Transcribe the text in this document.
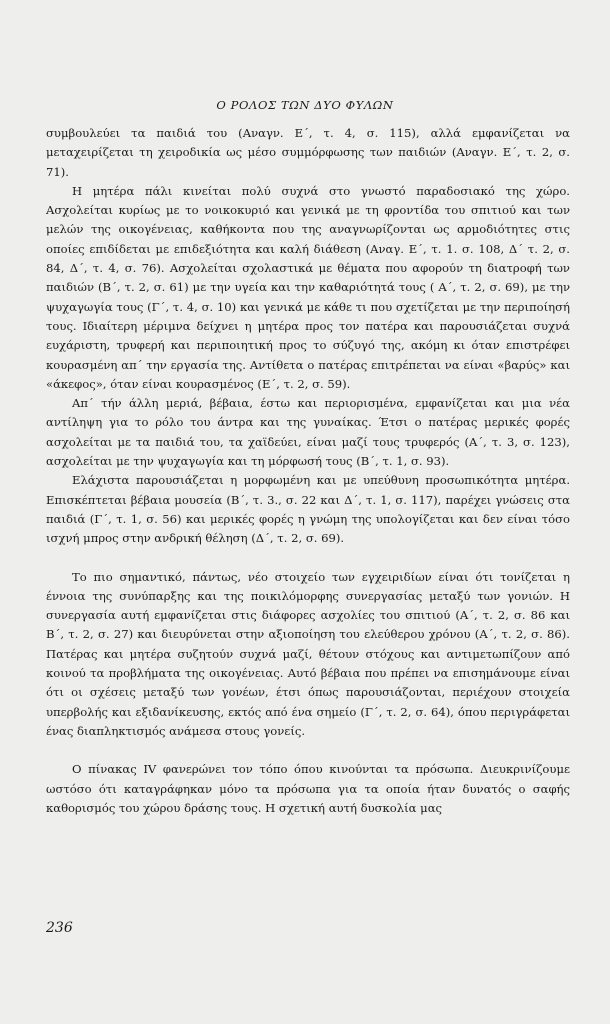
Ο ΡΟΛΟΣ ΤΩΝ ΔΥΟ ΦΥΛΩΝ

συμβουλεύει τα παιδιά του (Αναγν. Ε΄, τ. 4, σ. 115), αλλά εμφανίζεται να μεταχειρίζεται τη χειροδικία ως μέσο συμμόρφωσης των παιδιών (Αναγν. Ε΄, τ. 2, σ. 71).

Η μητέρα πάλι κινείται πολύ συχνά στο γνωστό παραδοσιακό της χώρο. Ασχολείται κυρίως με το νοικοκυριό και γενικά με τη φροντίδα του σπιτιού και των μελών της οικογένειας, καθήκοντα που της αναγνωρίζονται ως αρμοδιότητες στις οποίες επιδίδεται με επιδεξιότητα και καλή διάθεση (Αναγ. Ε΄, τ. 1. σ. 108, Δ΄ τ. 2, σ. 84, Δ΄, τ. 4, σ. 76). Ασχολείται σχολαστικά με θέματα που αφορούν τη διατροφή των παιδιών (Β΄, τ. 2, σ. 61) με την υγεία και την καθαριότητά τους ( Α΄, τ. 2, σ. 69), με την ψυχαγωγία τους (Γ΄, τ. 4, σ. 10) και γενικά με κάθε τι που σχετίζεται με την περιποίησή τους. Ιδιαίτερη μέριμνα δείχνει η μητέρα προς τον πατέρα και παρουσιάζεται συχνά ευχάριστη, τρυφερή και περιποιητική προς το σύζυγό της, ακόμη κι όταν επιστρέφει κουρασμένη απ΄ την εργασία της. Αντίθετα ο πατέρας επιτρέπεται να είναι «βαρύς» και «άκεφος», όταν είναι κουρασμένος (Ε΄, τ. 2, σ. 59).

Απ΄ τήν άλλη μεριά, βέβαια, έστω και περιορισμένα, εμφανίζεται και μια νέα αντίληψη για το ρόλο του άντρα και της γυναίκας. Έτσι ο πατέρας μερικές φορές ασχολείται με τα παιδιά του, τα χαϊδεύει, είναι μαζί τους τρυφερός (Α΄, τ. 3, σ. 123), ασχολείται με την ψυχαγωγία και τη μόρφωσή τους (Β΄, τ. 1, σ. 93).

Ελάχιστα παρουσιάζεται η μορφωμένη και με υπεύθυνη προσωπικότητα μητέρα. Επισκέπτεται βέβαια μουσεία (Β΄, τ. 3., σ. 22 και Δ΄, τ. 1, σ. 117), παρέχει γνώσεις στα παιδιά (Γ΄, τ. 1, σ. 56) και μερικές φορές η γνώμη της υπολογίζεται και δεν είναι τόσο ισχνή μπρος στην ανδρική θέληση (Δ΄, τ. 2, σ. 69).

Το πιο σημαντικό, πάντως, νέο στοιχείο των εγχειριδίων είναι ότι τονίζεται η έννοια της συνύπαρξης και της ποικιλόμορφης συνεργασίας μεταξύ των γονιών. Η συνεργασία αυτή εμφανίζεται στις διάφορες ασχολίες του σπιτιού (Α΄, τ. 2, σ. 86 και Β΄, τ. 2, σ. 27) και διευρύνεται στην αξιοποίηση του ελεύθερου χρόνου (Α΄, τ. 2, σ. 86). Πατέρας και μητέρα συζητούν συχνά μαζί, θέτουν στόχους και αντιμετωπίζουν από κοινού τα προβλήματα της οικογένειας. Αυτό βέβαια που πρέπει να επισημάνουμε είναι ότι οι σχέσεις μεταξύ των γονέων, έτσι όπως παρουσιάζονται, περιέχουν στοιχεία υπερβολής και εξιδανίκευσης, εκτός από ένα σημείο (Γ΄, τ. 2, σ. 64), όπου περιγράφεται ένας διαπληκτισμός ανάμεσα στους γονείς.

Ο πίνακας IV φανερώνει τον τόπο όπου κινούνται τα πρόσωπα. Διευκρινίζουμε ωστόσο ότι καταγράφηκαν μόνο τα πρόσωπα για τα οποία ήταν δυνατός ο σαφής καθορισμός του χώρου δράσης τους. Η σχετική αυτή δυσκολία μας

236
